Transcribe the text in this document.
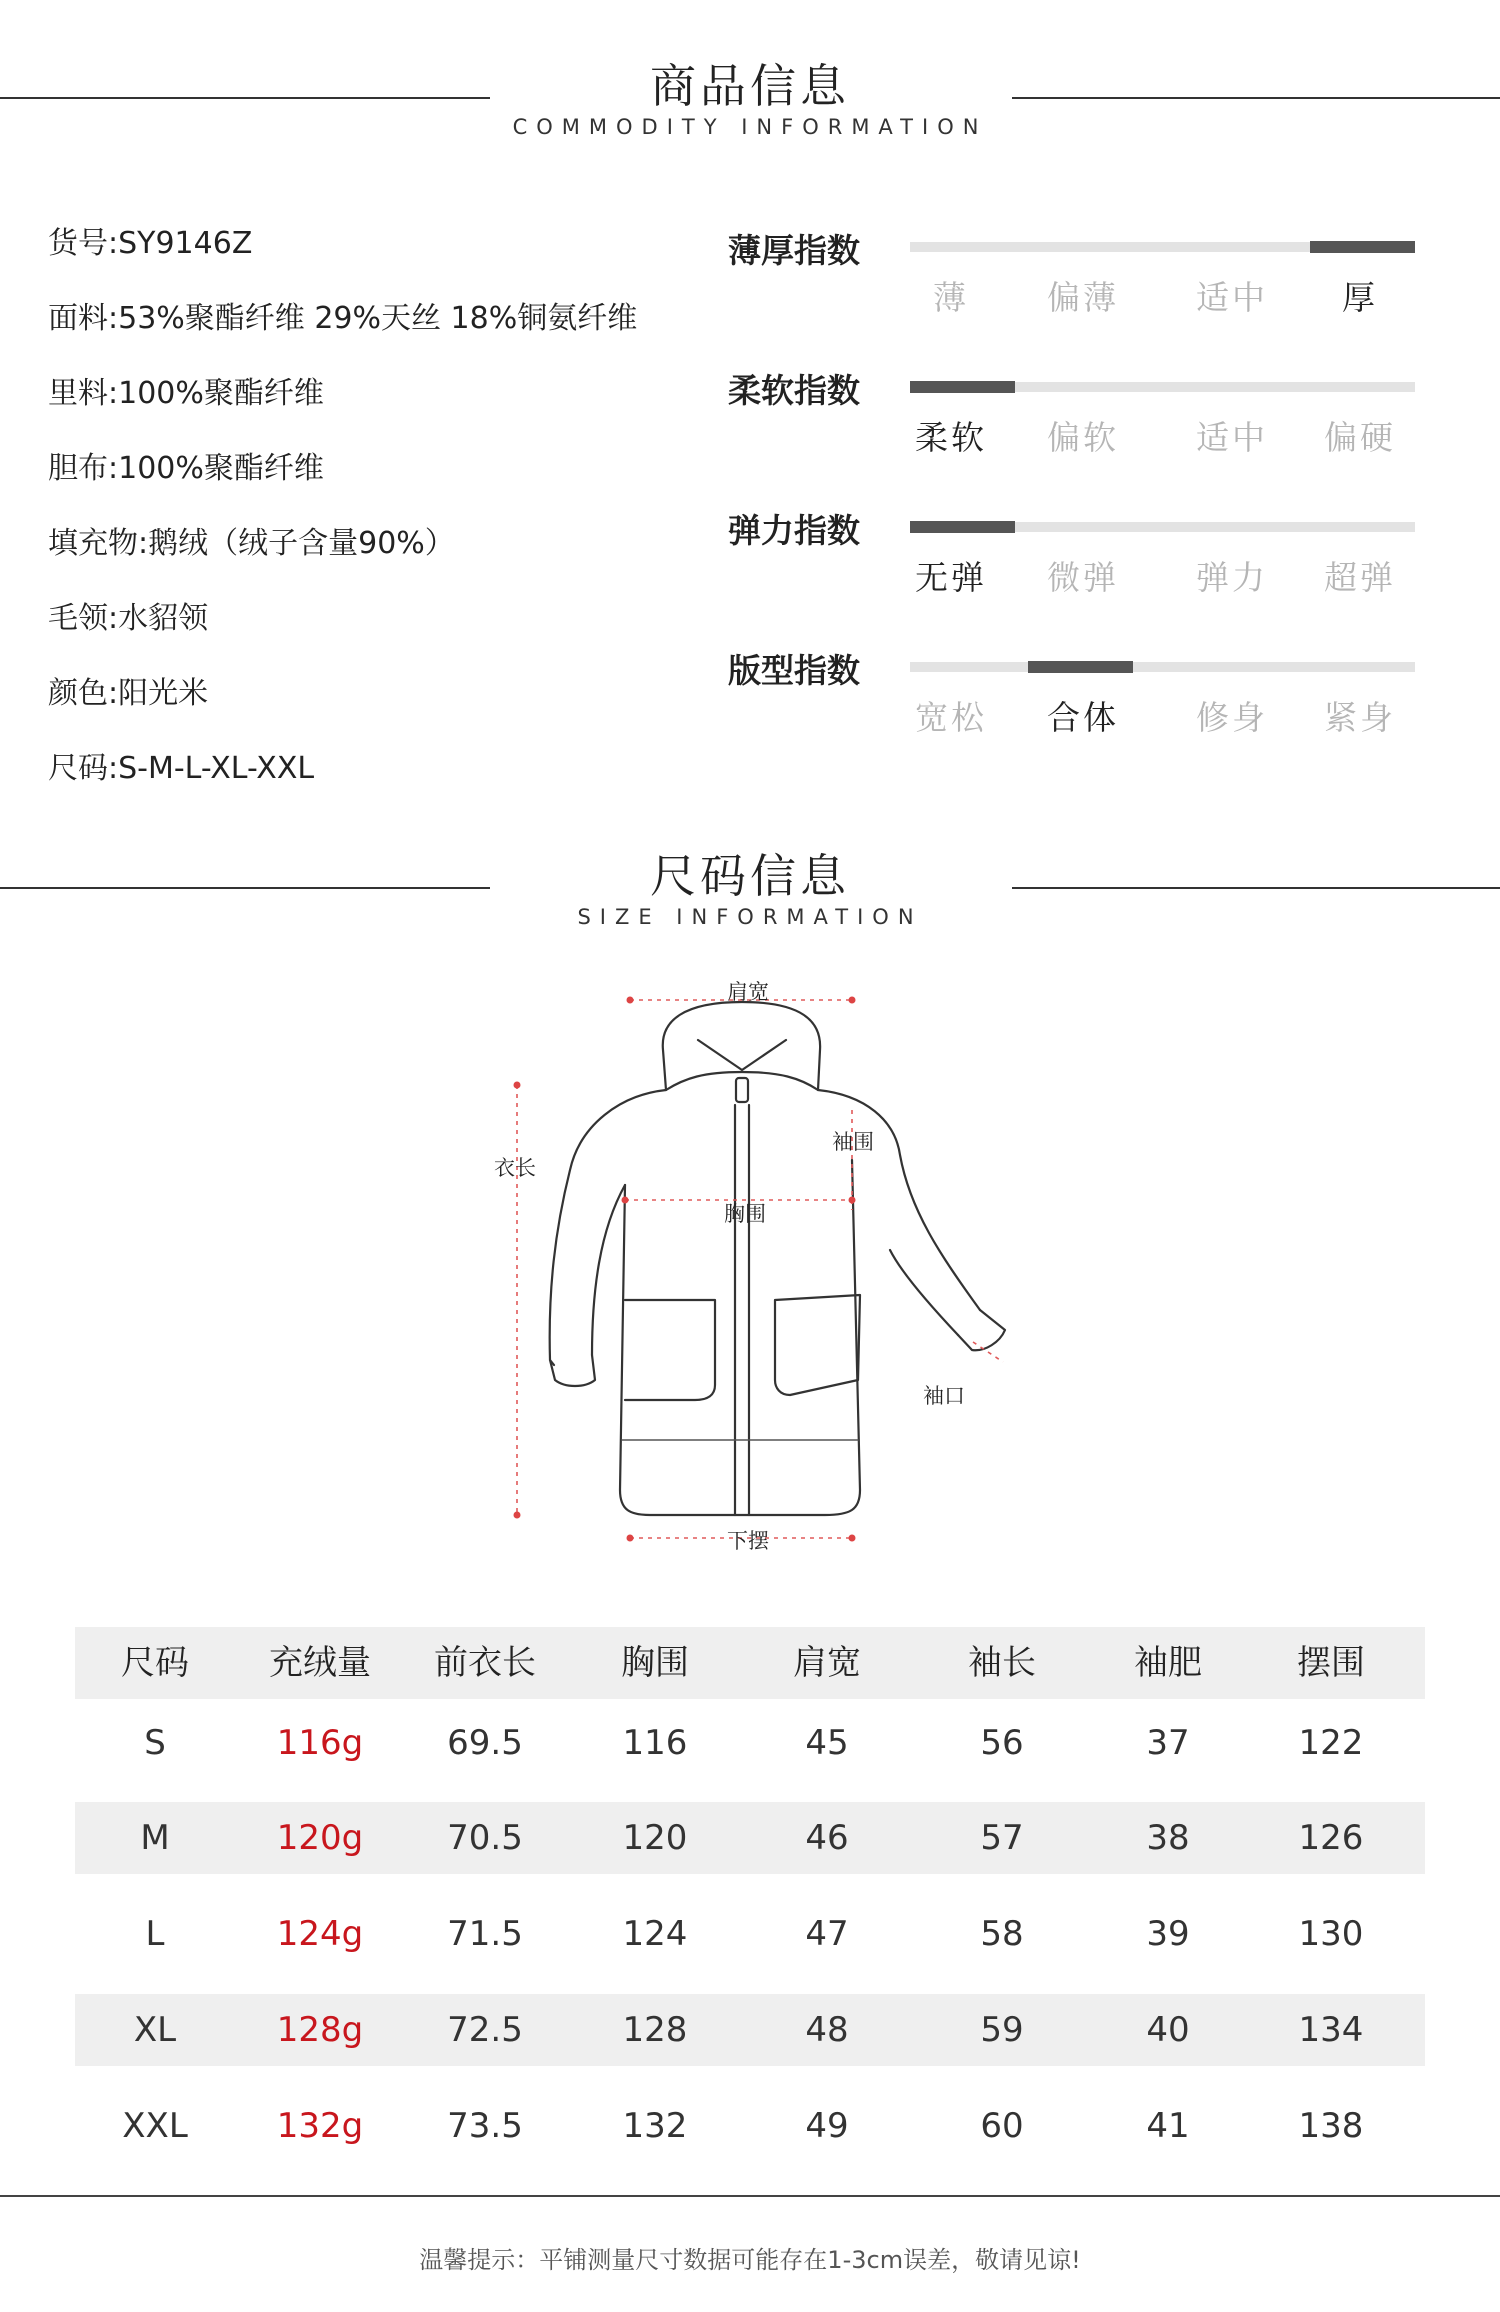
商品信息
COMMODITY INFORMATION
货号:SY9146Z
面料:53%聚酯纤维 29%天丝 18%铜氨纤维
里料:100%聚酯纤维
胆布:100%聚酯纤维
填充物:鹅绒（绒子含量90%）
毛领:水貂领
颜色:阳光米
尺码:S-M-L-XL-XXL
薄厚指数
薄	偏薄	适中	厚
柔软指数
柔软	偏软	适中	偏硬
弹力指数
无弹	微弹	弹力	超弹
版型指数
宽松	合体	修身	紧身
尺码信息
SIZE INFORMATION
肩宽
衣长
袖围
胸围
袖口
下摆
尺码	充绒量	前衣长	胸围	肩宽	袖长	袖肥	摆围
S	116g	69.5	116	45	56	37	122
M	120g	70.5	120	46	57	38	126
L	124g	71.5	124	47	58	39	130
XL	128g	72.5	128	48	59	40	134
XXL	132g	73.5	132	49	60	41	138
温馨提示：平铺测量尺寸数据可能存在1-3cm误差，敬请见谅!
